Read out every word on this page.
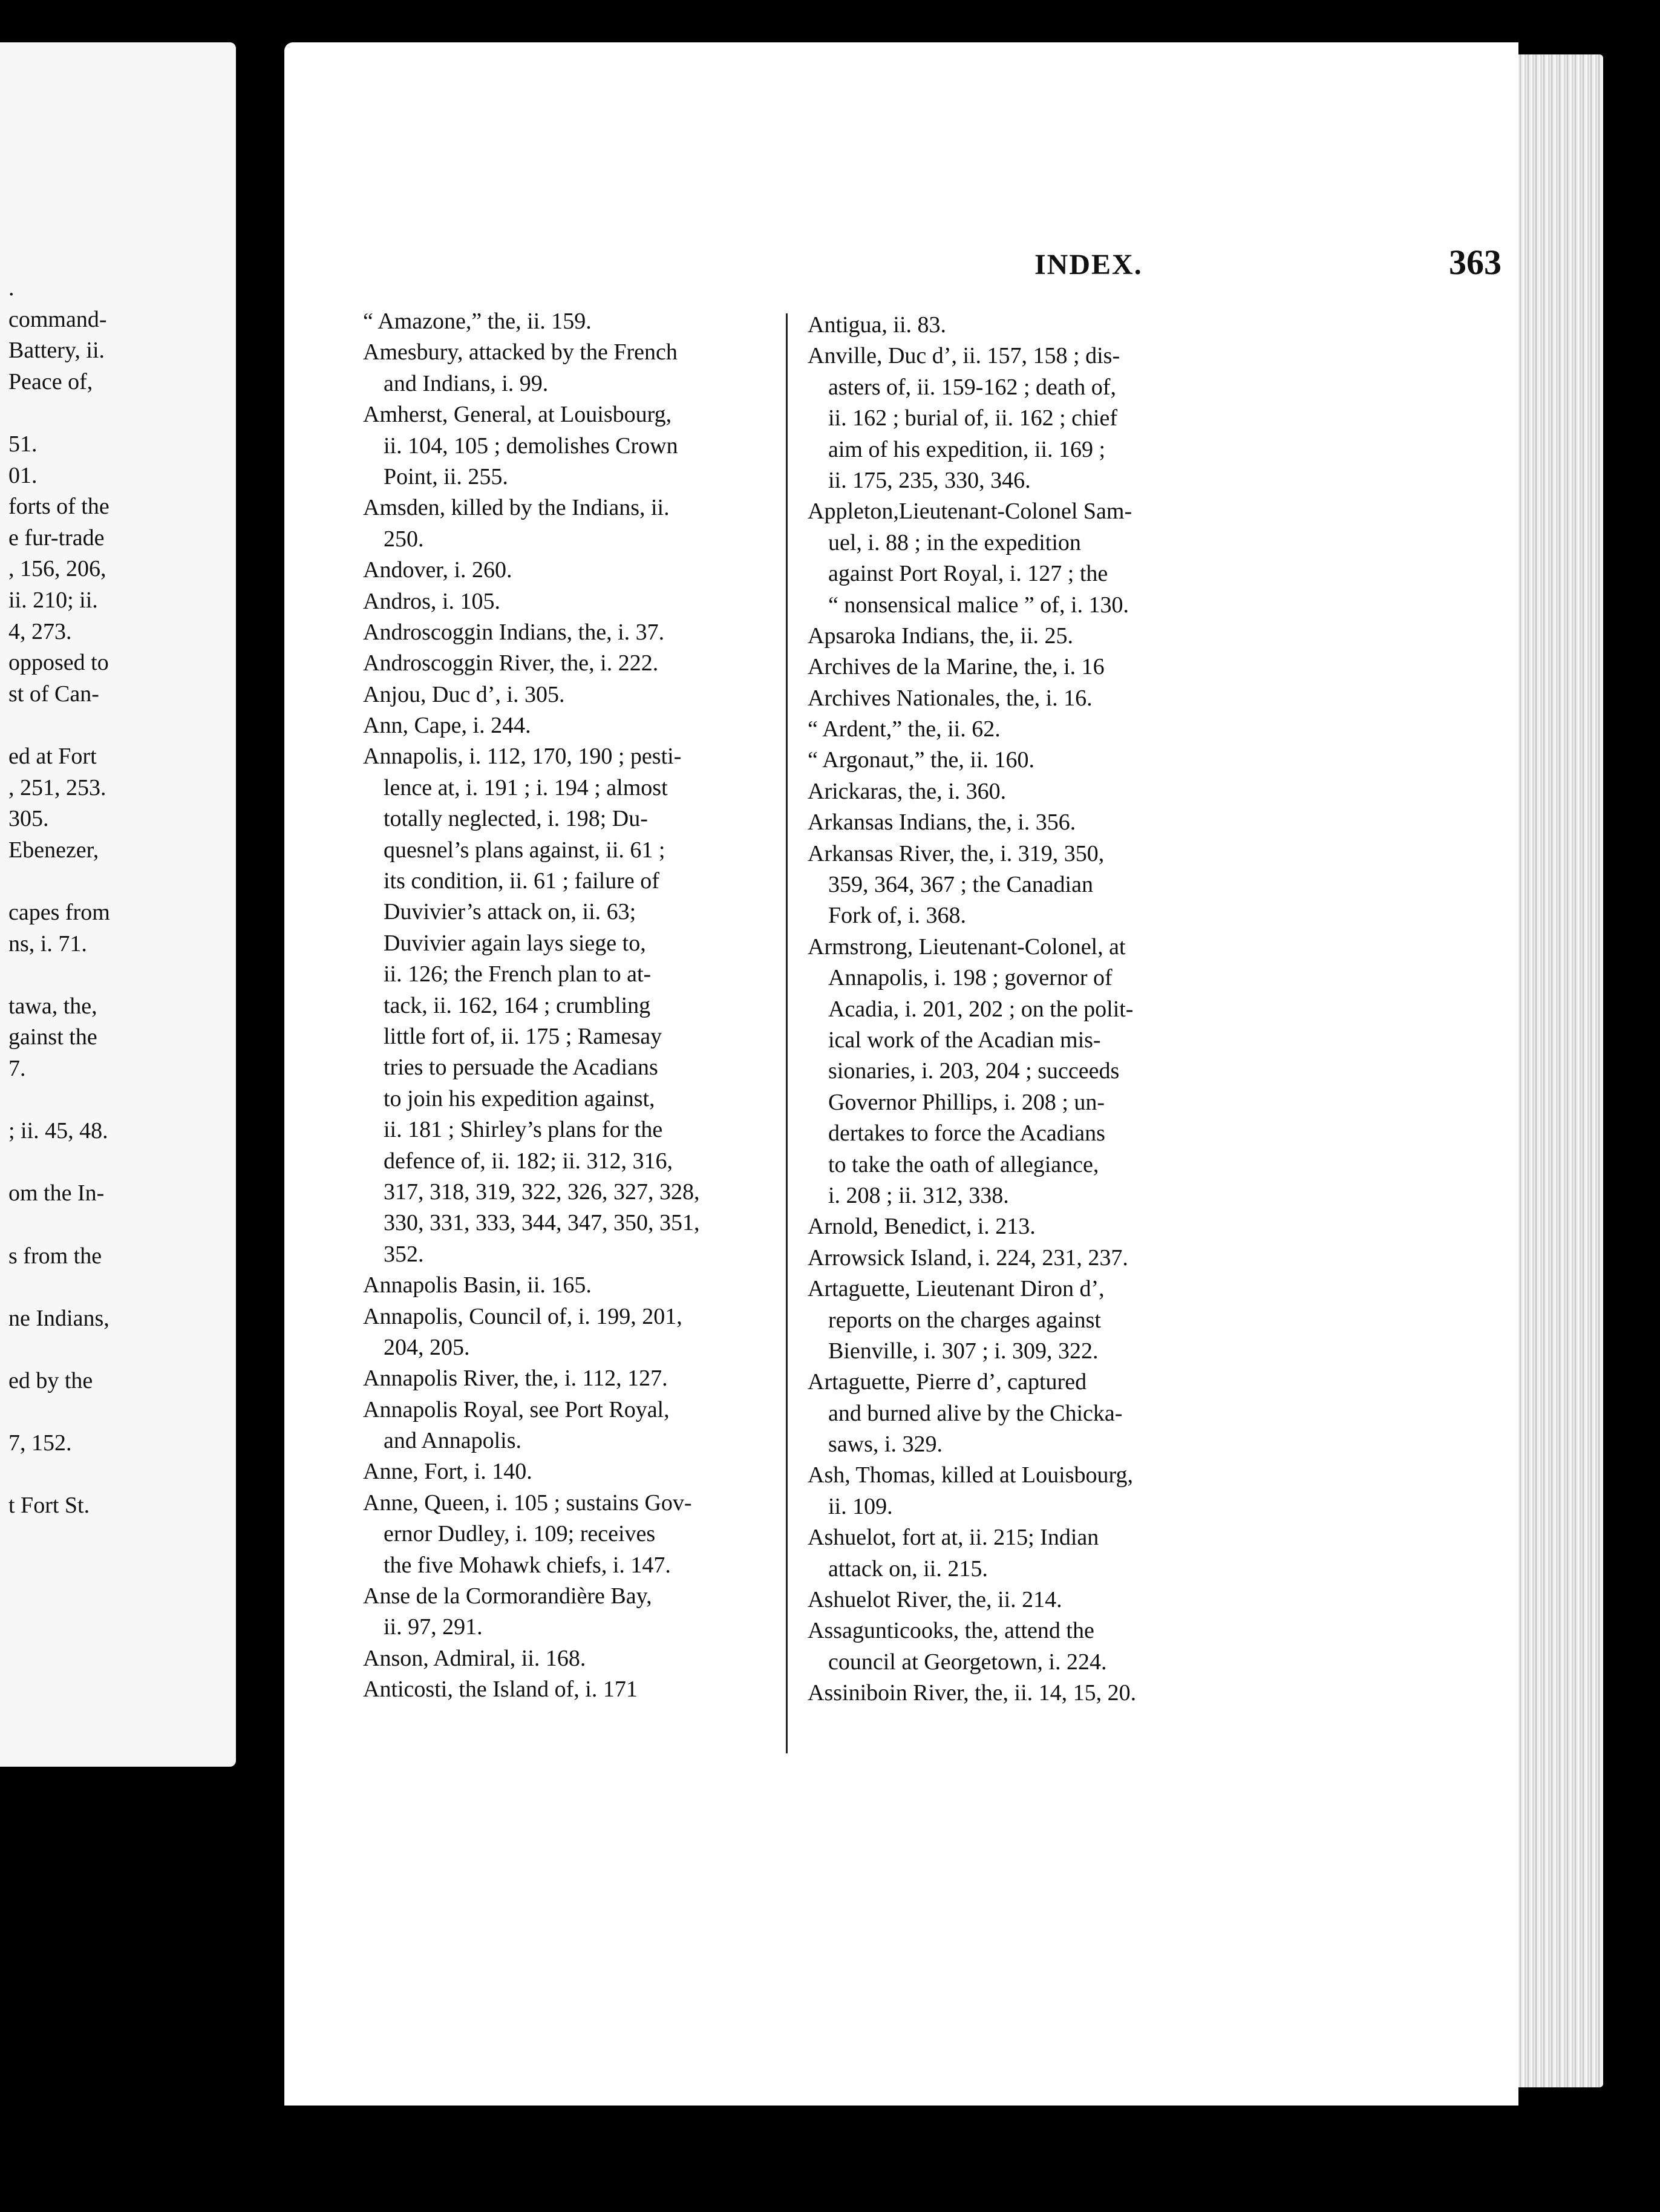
.
command-
Battery, ii.
Peace of,
51.
01.
forts of the
e fur-trade
, 156, 206,
ii. 210; ii.
4, 273.
opposed to
st of Can-
ed at Fort
, 251, 253.
305.
Ebenezer,
capes from
ns, i. 71.
tawa, the,
gainst the
7.
; ii. 45, 48.
om the In-
s from the
ne Indians,
ed by the
7, 152.
t Fort St.
INDEX.	363
“ Amazone,” the, ii. 159.
Amesbury, attacked by the French
and Indians, i. 99.
Amherst, General, at Louisbourg,
ii. 104, 105 ; demolishes Crown
Point, ii. 255.
Amsden, killed by the Indians, ii.
250.
Andover, i. 260.
Andros, i. 105.
Androscoggin Indians, the, i. 37.
Androscoggin River, the, i. 222.
Anjou, Duc d’, i. 305.
Ann, Cape, i. 244.
Annapolis, i. 112, 170, 190 ; pesti-
lence at, i. 191 ; i. 194 ; almost
totally neglected, i. 198; Du-
quesnel’s plans against, ii. 61 ;
its condition, ii. 61 ; failure of
Duvivier’s attack on, ii. 63;
Duvivier again lays siege to,
ii. 126; the French plan to at-
tack, ii. 162, 164 ; crumbling
little fort of, ii. 175 ; Ramesay
tries to persuade the Acadians
to join his expedition against,
ii. 181 ; Shirley’s plans for the
defence of, ii. 182; ii. 312, 316,
317, 318, 319, 322, 326, 327, 328,
330, 331, 333, 344, 347, 350, 351,
352.
Annapolis Basin, ii. 165.
Annapolis, Council of, i. 199, 201,
204, 205.
Annapolis River, the, i. 112, 127.
Annapolis Royal, see Port Royal,
and Annapolis.
Anne, Fort, i. 140.
Anne, Queen, i. 105 ; sustains Gov-
ernor Dudley, i. 109; receives
the five Mohawk chiefs, i. 147.
Anse de la Cormorandière Bay,
ii. 97, 291.
Anson, Admiral, ii. 168.
Anticosti, the Island of, i. 171
Antigua, ii. 83.
Anville, Duc d’, ii. 157, 158 ; dis-
asters of, ii. 159-162 ; death of,
ii. 162 ; burial of, ii. 162 ; chief
aim of his expedition, ii. 169 ;
ii. 175, 235, 330, 346.
Appleton,Lieutenant-Colonel Sam-
uel, i. 88 ; in the expedition
against Port Royal, i. 127 ; the
“ nonsensical malice ” of, i. 130.
Apsaroka Indians, the, ii. 25.
Archives de la Marine, the, i. 16
Archives Nationales, the, i. 16.
“ Ardent,” the, ii. 62.
“ Argonaut,” the, ii. 160.
Arickaras, the, i. 360.
Arkansas Indians, the, i. 356.
Arkansas River, the, i. 319, 350,
359, 364, 367 ; the Canadian
Fork of, i. 368.
Armstrong, Lieutenant-Colonel, at
Annapolis, i. 198 ; governor of
Acadia, i. 201, 202 ; on the polit-
ical work of the Acadian mis-
sionaries, i. 203, 204 ; succeeds
Governor Phillips, i. 208 ; un-
dertakes to force the Acadians
to take the oath of allegiance,
i. 208 ; ii. 312, 338.
Arnold, Benedict, i. 213.
Arrowsick Island, i. 224, 231, 237.
Artaguette, Lieutenant Diron d’,
reports on the charges against
Bienville, i. 307 ; i. 309, 322.
Artaguette, Pierre d’, captured
and burned alive by the Chicka-
saws, i. 329.
Ash, Thomas, killed at Louisbourg,
ii. 109.
Ashuelot, fort at, ii. 215; Indian
attack on, ii. 215.
Ashuelot River, the, ii. 214.
Assagunticooks, the, attend the
council at Georgetown, i. 224.
Assiniboin River, the, ii. 14, 15, 20.
